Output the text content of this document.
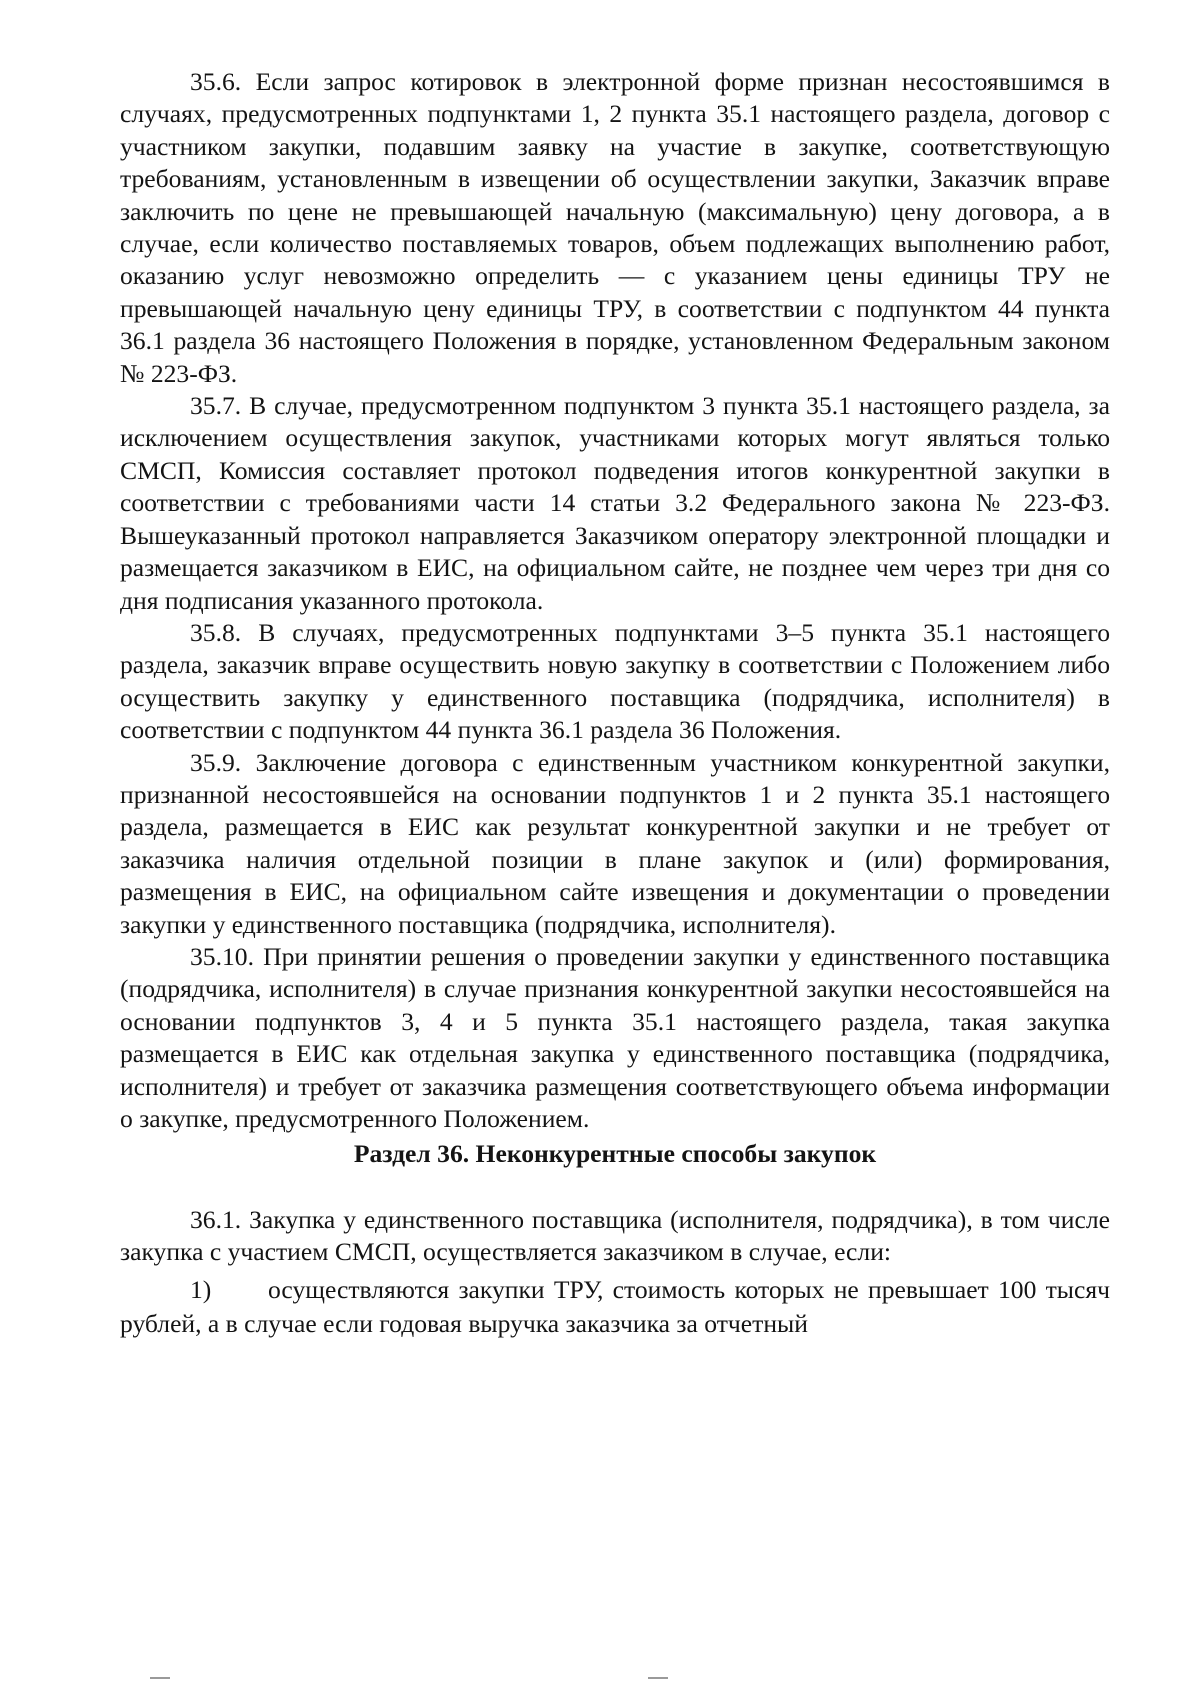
35.6. Если запрос котировок в электронной форме признан несостоявшимся в случаях, предусмотренных подпунктами 1, 2 пункта 35.1 настоящего раздела, договор с участником закупки, подавшим заявку на участие в закупке, соответствующую требованиям, установленным в извещении об осуществлении закупки, Заказчик вправе заключить по цене не превышающей начальную (максимальную) цену договора, а в случае, если количество поставляемых товаров, объем подлежащих выполнению работ, оказанию услуг невозможно определить — с указанием цены единицы ТРУ не превышающей начальную цену единицы ТРУ, в соответствии с подпунктом 44 пункта 36.1 раздела 36 настоящего Положения в порядке, установленном Федеральным законом № 223-ФЗ.

35.7. В случае, предусмотренном подпунктом 3 пункта 35.1 настоящего раздела, за исключением осуществления закупок, участниками которых могут являться только СМСП, Комиссия составляет протокол подведения итогов конкурентной закупки в соответствии с требованиями части 14 статьи 3.2 Федерального закона № 223-ФЗ. Вышеуказанный протокол направляется Заказчиком оператору электронной площадки и размещается заказчиком в ЕИС, на официальном сайте, не позднее чем через три дня со дня подписания указанного протокола.

35.8. В случаях, предусмотренных подпунктами 3–5 пункта 35.1 настоящего раздела, заказчик вправе осуществить новую закупку в соответствии с Положением либо осуществить закупку у единственного поставщика (подрядчика, исполнителя) в соответствии с подпунктом 44 пункта 36.1 раздела 36 Положения.

35.9. Заключение договора с единственным участником конкурентной закупки, признанной несостоявшейся на основании подпунктов 1 и 2 пункта 35.1 настоящего раздела, размещается в ЕИС как результат конкурентной закупки и не требует от заказчика наличия отдельной позиции в плане закупок и (или) формирования, размещения в ЕИС, на официальном сайте извещения и документации о проведении закупки у единственного поставщика (подрядчика, исполнителя).

35.10. При принятии решения о проведении закупки у единственного поставщика (подрядчика, исполнителя) в случае признания конкурентной закупки несостоявшейся на основании подпунктов 3, 4 и 5 пункта 35.1 настоящего раздела, такая закупка размещается в ЕИС как отдельная закупка у единственного поставщика (подрядчика, исполнителя) и требует от заказчика размещения соответствующего объема информации о закупке, предусмотренного Положением.

Раздел 36. Неконкурентные способы закупок

36.1. Закупка у единственного поставщика (исполнителя, подрядчика), в том числе закупка с участием СМСП, осуществляется заказчиком в случае, если:

1) осуществляются закупки ТРУ, стоимость которых не превышает 100 тысяч рублей, а в случае если годовая выручка заказчика за отчетный
